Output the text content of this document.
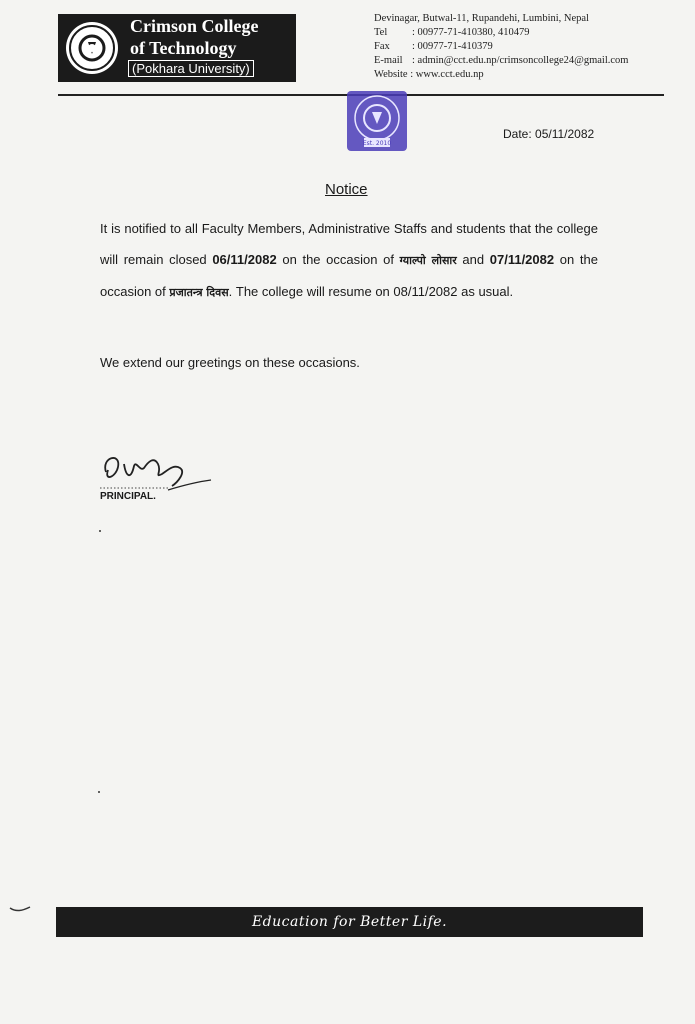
Crimson College
of Technology
(Pokhara University)
Devinagar, Butwal-11, Rupandehi, Lumbini, Nepal
Tel : 00977-71-410380, 410479
Fax : 00977-71-410379
E-mail : admin@cct.edu.np/crimsoncollege24@gmail.com
Website : www.cct.edu.np
Est. 2010
Date: 05/11/2082
Notice
It is notified to all Faculty Members, Administrative Staffs and students that the college will remain closed 06/11/2082 on the occasion of ग्याल्पो लोसार and 07/11/2082 on the occasion of प्रजातन्त्र दिवस. The college will resume on 08/11/2082 as usual.
We extend our greetings on these occasions.
PRINCIPAL.
Education for Better Life.
